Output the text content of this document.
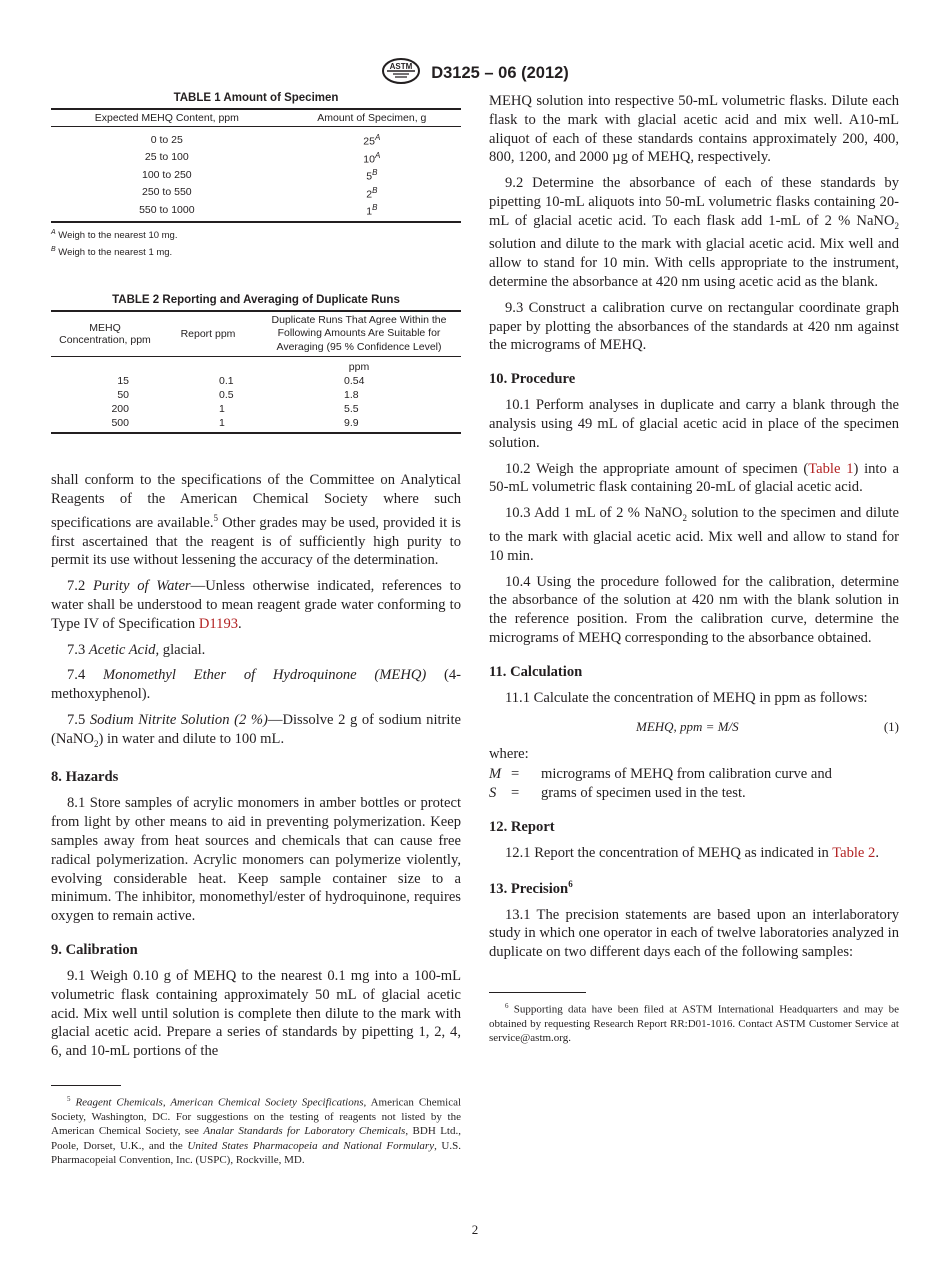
ASTM D3125 – 06 (2012)
TABLE 1 Amount of Specimen
Expected MEHQ Content, ppm	Amount of Specimen, g
0 to 25	$25^A$
25 to 100	$10^A$
100 to 250	$5^B$
250 to 550	$2^B$
550 to 1000	$1^B$
$^A$ Weigh to the nearest 10 mg.
$^B$ Weigh to the nearest 1 mg.
TABLE 2 Reporting and Averaging of Duplicate Runs
MEHQ Concentration, ppm	Report ppm	Duplicate Runs That Agree Within the Following Amounts Are Suitable for Averaging (95 % Confidence Level)
		ppm
15	0.1	0.54
50	0.5	1.8
200	1	5.5
500	1	9.9

shall conform to the specifications of the Committee on Analytical Reagents of the American Chemical Society where such specifications are available.$^5$ Other grades may be used, provided it is first ascertained that the reagent is of sufficiently high purity to permit its use without lessening the accuracy of the determination.

7.2 Purity of Water—Unless otherwise indicated, references to water shall be understood to mean reagent grade water conforming to Type IV of Specification D1193.

7.3 Acetic Acid, glacial.

7.4 Monomethyl Ether of Hydroquinone (MEHQ) (4-methoxyphenol).

7.5 Sodium Nitrite Solution (2 %)—Dissolve 2 g of sodium nitrite (NaNO$_2$) in water and dilute to 100 mL.

8. Hazards

8.1 Store samples of acrylic monomers in amber bottles or protect from light by other means to aid in preventing polymerization. Keep samples away from heat sources and chemicals that can cause free radical polymerization. Acrylic monomers can polymerize violently, evolving considerable heat. Keep sample container size to a minimum. The inhibitor, monomethyl/ester of hydroquinone, requires oxygen to remain active.

9. Calibration

9.1 Weigh 0.10 g of MEHQ to the nearest 0.1 mg into a 100-mL volumetric flask containing approximately 50 mL of glacial acetic acid. Mix well until solution is complete then dilute to the mark with glacial acetic acid. Prepare a series of standards by pipetting 1, 2, 4, 6, and 10-mL portions of the

$^5$ Reagent Chemicals, American Chemical Society Specifications, American Chemical Society, Washington, DC. For suggestions on the testing of reagents not listed by the American Chemical Society, see Analar Standards for Laboratory Chemicals, BDH Ltd., Poole, Dorset, U.K., and the United States Pharmacopeia and National Formulary, U.S. Pharmacopeial Convention, Inc. (USPC), Rockville, MD.

MEHQ solution into respective 50-mL volumetric flasks. Dilute each flask to the mark with glacial acetic acid and mix well. A10-mL aliquot of each of these standards contains approximately 200, 400, 800, 1200, and 2000 µg of MEHQ, respectively.

9.2 Determine the absorbance of each of these standards by pipetting 10-mL aliquots into 50-mL volumetric flasks containing 20-mL of glacial acetic acid. To each flask add 1-mL of 2 % NaNO$_2$ solution and dilute to the mark with glacial acetic acid. Mix well and allow to stand for 10 min. With cells appropriate to the instrument, determine the absorbance at 420 nm using acetic acid as the blank.

9.3 Construct a calibration curve on rectangular coordinate graph paper by plotting the absorbances of the standards at 420 nm against the micrograms of MEHQ.

10. Procedure

10.1 Perform analyses in duplicate and carry a blank through the analysis using 49 mL of glacial acetic acid in place of the specimen solution.

10.2 Weigh the appropriate amount of specimen (Table 1) into a 50-mL volumetric flask containing 20-mL of glacial acetic acid.

10.3 Add 1 mL of 2 % NaNO$_2$ solution to the specimen and dilute to the mark with glacial acetic acid. Mix well and allow to stand for 10 min.

10.4 Using the procedure followed for the calibration, determine the absorbance of the solution at 420 nm with the blank solution in the reference position. From the calibration curve, determine the micrograms of MEHQ corresponding to the absorbance obtained.

11. Calculation

11.1 Calculate the concentration of MEHQ in ppm as follows:

MEHQ, ppm = M/S	(1)

where:

M =	micrograms of MEHQ from calibration curve and
S	=	grams of specimen used in the test.
12. Report

12.1 Report the concentration of MEHQ as indicated in Table 2.

13. Precision$^6$

13.1 The precision statements are based upon an interlaboratory study in which one operator in each of twelve laboratories analyzed in duplicate on two different days each of the following samples:

$^6$ Supporting data have been filed at ASTM International Headquarters and may be obtained by requesting Research Report RR:D01-1016. Contact ASTM Customer Service at service@astm.org.
2
